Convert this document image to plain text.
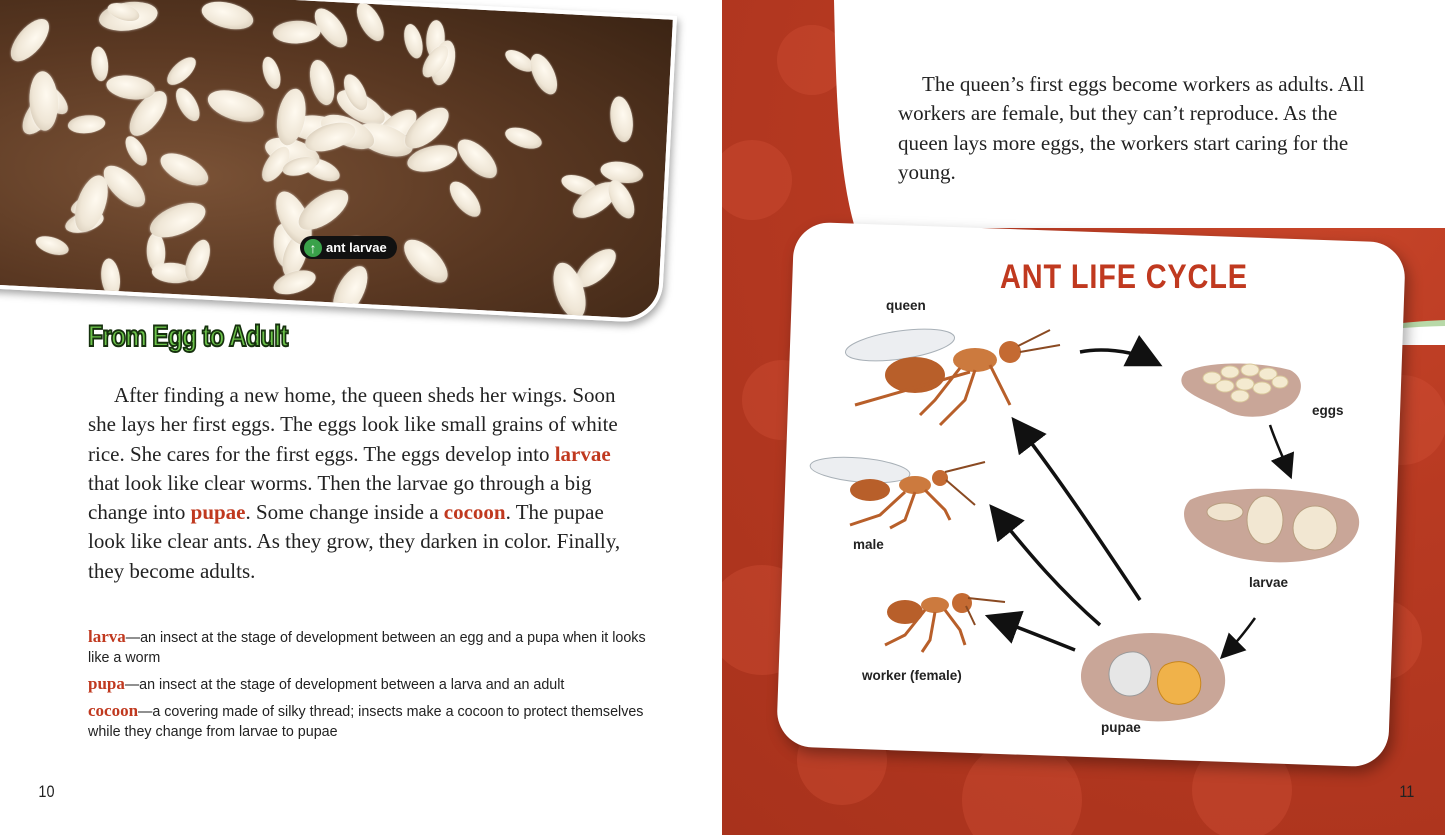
↑ ant larvae
From Egg to Adult

After finding a new home, the queen sheds her wings. Soon she lays her first eggs. The eggs look like small grains of white rice. She cares for the first eggs. The eggs develop into larvae that look like clear worms. Then the larvae go through a big change into pupae. Some change inside a cocoon. The pupae look like clear ants. As they grow, they darken in color. Finally, they become adults.

larva—an insect at the stage of development between an egg and a pupa when it looks like a worm
pupa—an insect at the stage of development between a larva and an adult
cocoon—a covering made of silky thread; insects make a cocoon to protect themselves while they change from larvae to pupae
10

The queen’s first eggs become workers as adults. All workers are female, but they can’t reproduce. As the queen lays more eggs, the workers start caring for the young.

ANT LIFE CYCLE
queen
eggs
male
larvae
worker (female)
pupae
11
